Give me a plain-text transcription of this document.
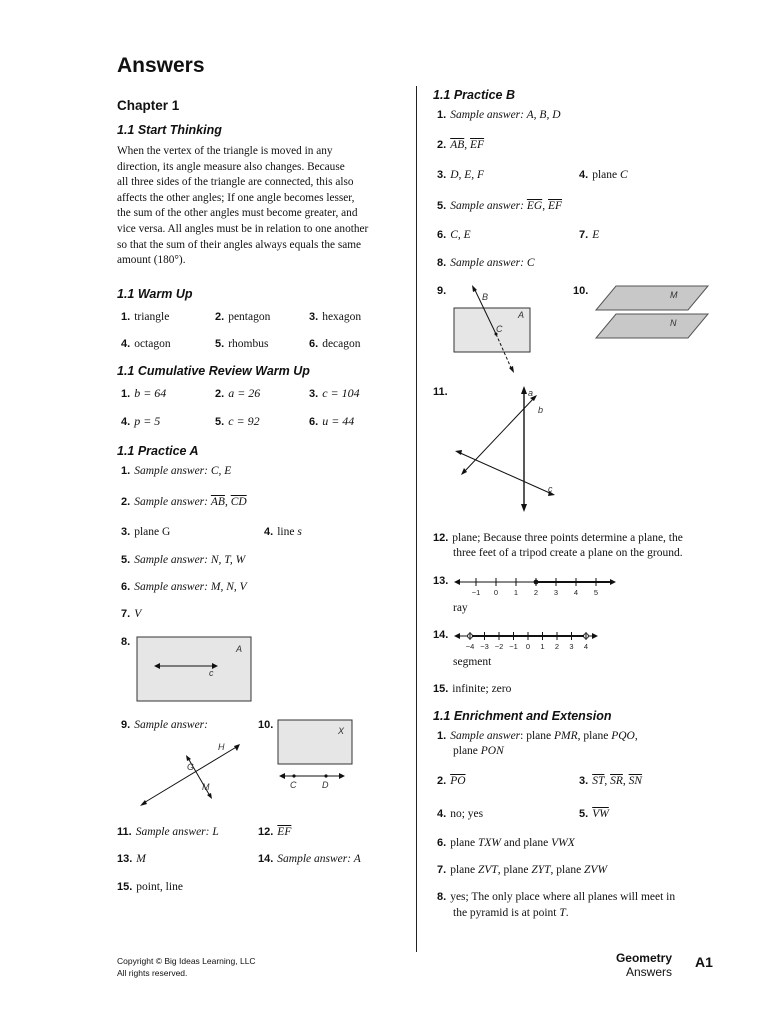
Answers
Chapter 1
1.1 Start Thinking
When the vertex of the triangle is moved in any
direction, its angle measure also changes. Because
all three sides of the triangle are connected, this also
affects the other angles; If one angle becomes lesser,
the sum of the other angles must become greater, and
vice versa. All angles must be in relation to one another
so that the sum of their angles always equals the same
amount (180°).
1.1 Warm Up
1. triangle	2. pentagon	3. hexagon
4. octagon	5. rhombus	6. decagon
1.1 Cumulative Review Warm Up
1. b = 64	2. a = 26	3. c = 104
4. p = 5	5. c = 92	6. u = 44
1.1 Practice A
1. Sample answer: C, E
2. Sample answer: $\overline{AB}$, $\overline{CD}$
3. plane G	4. line s
5. Sample answer: N, T, W
6. Sample answer: M, N, V
7. V
8.
A
c
9. Sample answer:
H
G
M
10.	X
C	D
11. Sample answer: L	12. $\overline{EF}$
13. M	14. Sample answer: A
15. point, line
1.1 Practice B
1. Sample answer: A, B, D
2. $\overline{AB}$, $\overline{EF}$
3. D, E, F	4. plane C
5. Sample answer: $\overline{EG}$, $\overline{EF}$
6. C, E	7. E
8. Sample answer: C
9.	B
A
C
10.	M
N
11.	a
b
c
12. plane; Because three points determine a plane, the
three feet of a tripod create a plane on the ground.
13.
−1 0 1 2 3 4 5
ray
14.
−4 −3 −2 −1 0 1 2 3 4
segment
15. infinite; zero
1.1 Enrichment and Extension
1. Sample answer: plane PMR, plane PQO,
plane PON
2. $\overline{PO}$	3. $\overline{ST}$, $\overline{SR}$, $\overline{SN}$
4. no; yes	5. $\overline{VW}$
6. plane TXW and plane VWX
7. plane ZVT, plane ZYT, plane ZVW
8. yes; The only place where all planes will meet in
the pyramid is at point T.
Copyright © Big Ideas Learning, LLC
All rights reserved.
Geometry
Answers
A1
